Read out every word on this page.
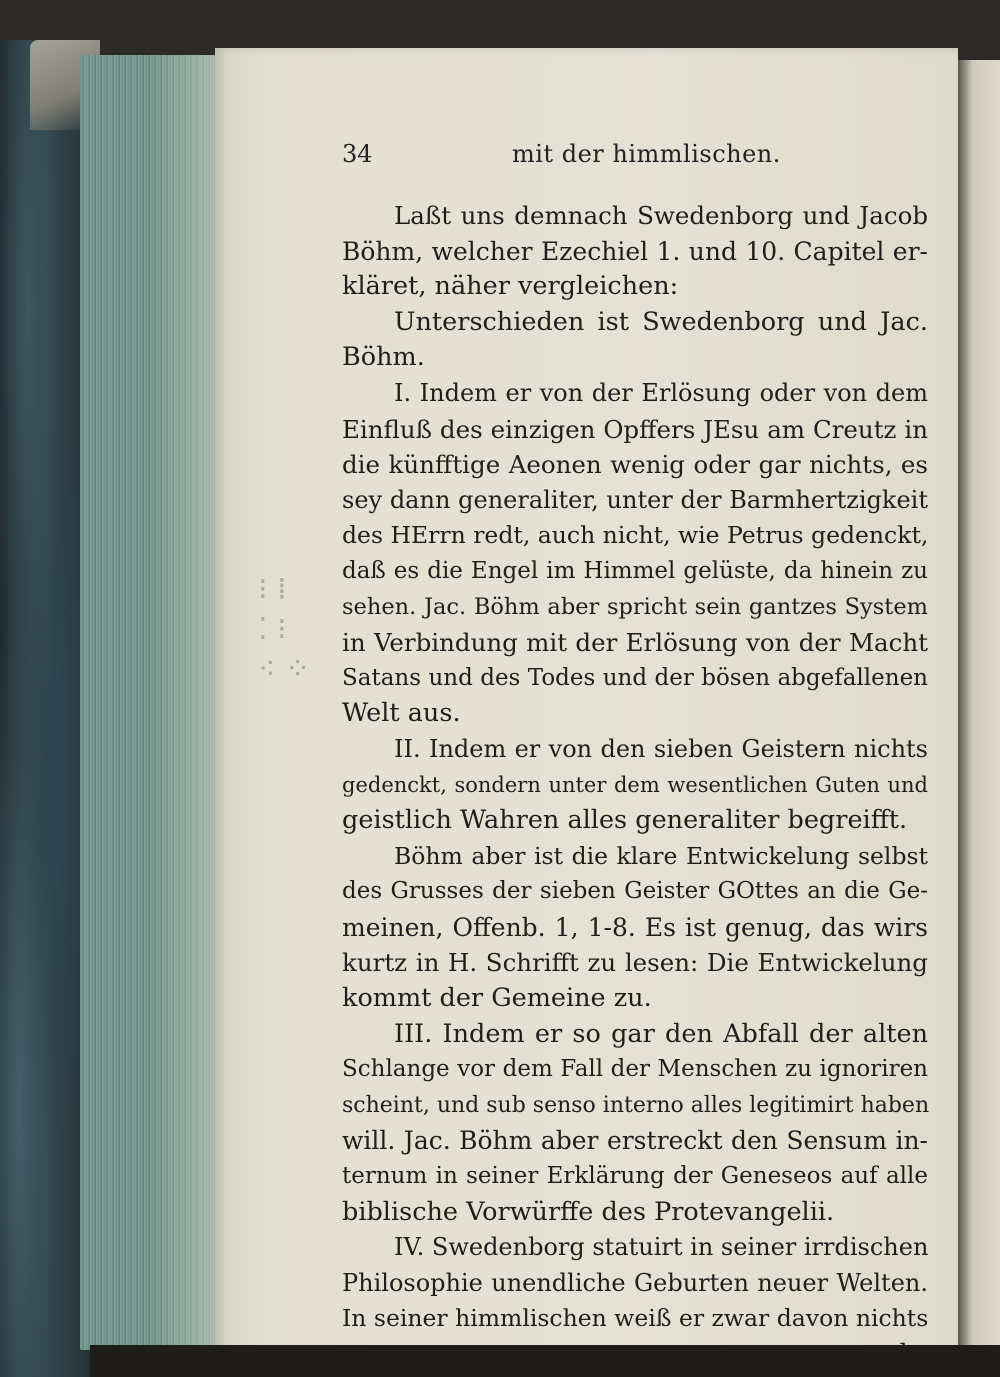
⁝ ⁞
⁚ ⁝
⁖ ⁘
34	mit der himmlischen.
Laßt uns demnach Swedenborg und Jacob
Böhm, welcher Ezechiel 1. und 10. Capitel er-
kläret, näher vergleichen:
Unterschieden ist Swedenborg und Jac.
Böhm.
I. Indem er von der Erlösung oder von dem
Einfluß des einzigen Opffers JEsu am Creutz in
die künfftige Aeonen wenig oder gar nichts, es
sey dann generaliter, unter der Barmhertzigkeit
des HErrn redt, auch nicht, wie Petrus gedenckt,
daß es die Engel im Himmel gelüste, da hinein zu
sehen. Jac. Böhm aber spricht sein gantzes System
in Verbindung mit der Erlösung von der Macht
Satans und des Todes und der bösen abgefallenen
Welt aus.
II. Indem er von den sieben Geistern nichts
gedenckt, sondern unter dem wesentlichen Guten und
geistlich Wahren alles generaliter begreifft.
Böhm aber ist die klare Entwickelung selbst
des Grusses der sieben Geister GOttes an die Ge-
meinen, Offenb. 1, 1-8. Es ist genug, das wirs
kurtz in H. Schrifft zu lesen: Die Entwickelung
kommt der Gemeine zu.
III. Indem er so gar den Abfall der alten
Schlange vor dem Fall der Menschen zu ignoriren
scheint, und sub senso interno alles legitimirt haben
will. Jac. Böhm aber erstreckt den Sensum in-
ternum in seiner Erklärung der Geneseos auf alle
biblische Vorwürffe des Protevangelii.
IV. Swedenborg statuirt in seiner irrdischen
Philosophie unendliche Geburten neuer Welten.
In seiner himmlischen weiß er zwar davon nichts
